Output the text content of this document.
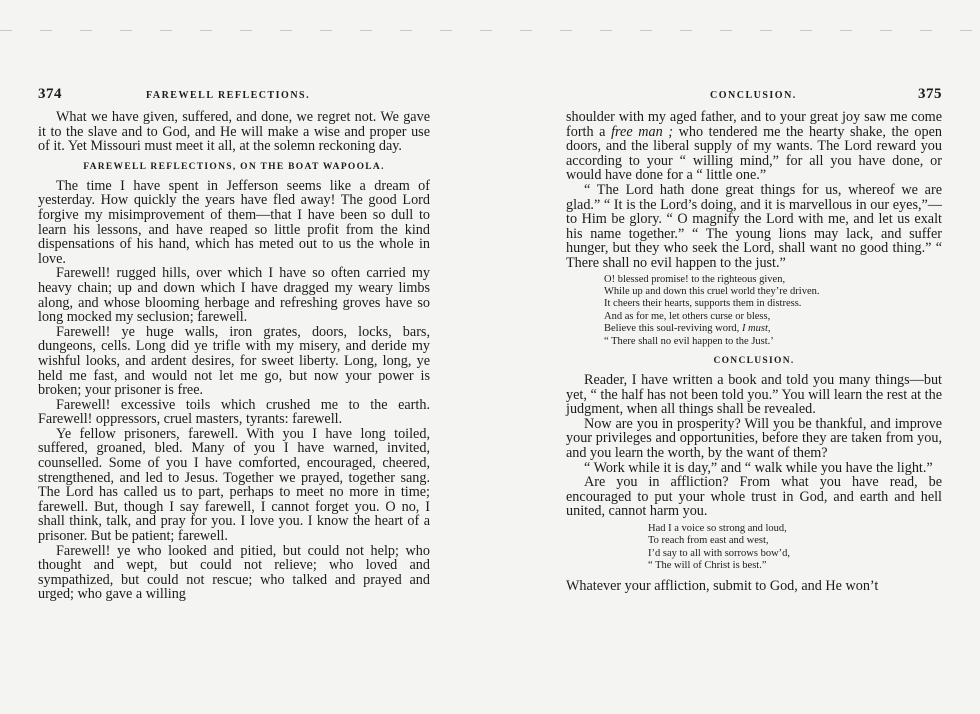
374	FAREWELL REFLECTIONS.

What we have given, suffered, and done, we regret not. We gave it to the slave and to God, and He will make a wise and proper use of it. Yet Missouri must meet it all, at the solemn reckoning day.

FAREWELL REFLECTIONS, ON THE BOAT WAPOOLA.

The time I have spent in Jefferson seems like a dream of yesterday. How quickly the years have fled away! The good Lord forgive my misimprovement of them—that I have been so dull to learn his lessons, and have reaped so little profit from the kind dispensations of his hand, which has meted out to us the whole in love.

Farewell! rugged hills, over which I have so often carried my heavy chain; up and down which I have dragged my weary limbs along, and whose blooming herbage and refreshing groves have so long mocked my seclusion; farewell.

Farewell! ye huge walls, iron grates, doors, locks, bars, dungeons, cells. Long did ye trifle with my misery, and deride my wishful looks, and ardent desires, for sweet liberty. Long, long, ye held me fast, and would not let me go, but now your power is broken; your prisoner is free.

Farewell! excessive toils which crushed me to the earth. Farewell! oppressors, cruel masters, tyrants: farewell.

Ye fellow prisoners, farewell. With you I have long toiled, suffered, groaned, bled. Many of you I have warned, invited, counselled. Some of you I have comforted, encouraged, cheered, strengthened, and led to Jesus. Together we prayed, together sang. The Lord has called us to part, perhaps to meet no more in time; farewell. But, though I say farewell, I cannot forget you. O no, I shall think, talk, and pray for you. I love you. I know the heart of a prisoner. But be patient; farewell.

Farewell! ye who looked and pitied, but could not help; who thought and wept, but could not relieve; who loved and sympathized, but could not rescue; who talked and prayed and urged; who gave a willing

CONCLUSION.	375

shoulder with my aged father, and to your great joy saw me come forth a free man ; who tendered me the hearty shake, the open doors, and the liberal supply of my wants. The Lord reward you according to your “ willing mind,” for all you have done, or would have done for a “ little one.”

“ The Lord hath done great things for us, whereof we are glad.” “ It is the Lord’s doing, and it is marvellous in our eyes,”—to Him be glory. “ O magnify the Lord with me, and let us exalt his name together.” “ The young lions may lack, and suffer hunger, but they who seek the Lord, shall want no good thing.” “ There shall no evil happen to the just.”

O! blessed promise! to the righteous given,
While up and down this cruel world they’re driven.
It cheers their hearts, supports them in distress.
And as for me, let others curse or bless,
Believe this soul-reviving word, I must,
“ There shall no evil happen to the Just.’
CONCLUSION.

Reader, I have written a book and told you many things—but yet, “ the half has not been told you.” You will learn the rest at the judgment, when all things shall be revealed.

Now are you in prosperity? Will you be thankful, and improve your privileges and opportunities, before they are taken from you, and you learn the worth, by the want of them?

“ Work while it is day,” and “ walk while you have the light.”

Are you in affliction? From what you have read, be encouraged to put your whole trust in God, and earth and hell united, cannot harm you.

Had I a voice so strong and loud,
To reach from east and west,
I’d say to all with sorrows bow’d,
“ The will of Christ is best.”

Whatever your affliction, submit to God, and He won’t
